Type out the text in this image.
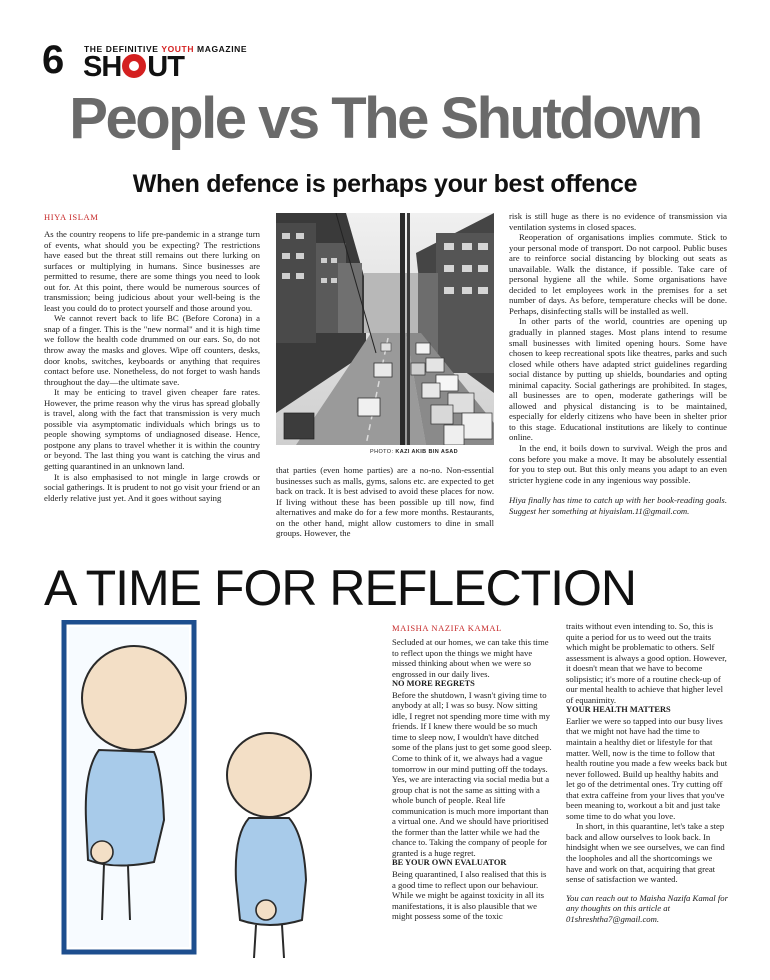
6 THE DEFINITIVE YOUTH MAGAZINE
SH UT
People vs The Shutdown
When defence is perhaps your best offence
HIYA ISLAM

As the country reopens to life pre-pandemic in a strange turn of events, what should you be expecting? The restrictions have eased but the threat still remains out there lurking on surfaces or multiplying in humans. Since businesses are permitted to resume, there are some things you need to look out for. At this point, there would be numerous sources of transmission; being judicious about your well-being is the least you could do to protect yourself and those around you.

We cannot revert back to life BC (Before Corona) in a snap of a finger. This is the "new normal" and it is high time we follow the health code drummed on our ears. So, do not throw away the masks and gloves. Wipe off counters, desks, door knobs, switches, keyboards or anything that requires contact before use. Nonetheless, do not forget to wash hands throughout the day—the ultimate save.

It may be enticing to travel given cheaper fare rates. However, the prime reason why the virus has spread globally is travel, along with the fact that transmission is very much possible via asymptomatic individuals which brings us to people showing symptoms of undiagnosed disease. Hence, postpone any plans to travel whether it is within the country or beyond. The last thing you want is catching the virus and getting quarantined in an unknown land.

It is also emphasised to not mingle in large crowds or social gatherings. It is prudent to not go visit your friend or an elderly relative just yet. And it goes without saying

PHOTO: KAZI AKIB BIN ASAD

that parties (even home parties) are a no-no. Non-essential businesses such as malls, gyms, salons etc. are expected to get back on track. It is best advised to avoid these places for now. If living without these has been possible up till now, find alternatives and make do for a few more months. Restaurants, on the other hand, might allow customers to dine in small groups. However, the

risk is still huge as there is no evidence of transmission via ventilation systems in closed spaces.

Reoperation of organisations implies commute. Stick to your personal mode of transport. Do not carpool. Public buses are to reinforce social distancing by blocking out seats as unavailable. Walk the distance, if possible. Take care of personal hygiene all the while. Some organisations have decided to let employees work in the premises for a set number of days. As before, temperature checks will be done. Perhaps, disinfecting stalls will be installed as well.

In other parts of the world, countries are opening up gradually in planned stages. Most plans intend to resume small businesses with limited opening hours. Some have chosen to keep recreational spots like theatres, parks and such closed while others have adapted strict guidelines regarding social distance by putting up shields, boundaries and opting minimal capacity. Social gatherings are prohibited. In stages, all businesses are to open, moderate gatherings will be allowed and physical distancing is to be maintained, especially for elderly citizens who have been in shelter prior to this stage. Educational institutions are likely to continue online.

In the end, it boils down to survival. Weigh the pros and cons before you make a move. It may be absolutely essential for you to step out. But this only means you adapt to an even stricter hygiene code in any ingenious way possible.

Hiya finally has time to catch up with her book-reading goals. Suggest her something at hiyaislam.11@gmail.com.

A TIME FOR REFLECTION
MAISHA NAZIFA KAMAL

Secluded at our homes, we can take this time to reflect upon the things we might have missed thinking about when we were so engrossed in our daily lives.

NO MORE REGRETS

Before the shutdown, I wasn't giving time to anybody at all; I was so busy. Now sitting idle, I regret not spending more time with my friends. If I knew there would be so much time to sleep now, I wouldn't have ditched some of the plans just to get some good sleep. Come to think of it, we always had a vague tomorrow in our mind putting off the todays. Yes, we are interacting via social media but a group chat is not the same as sitting with a whole bunch of people. Real life communication is much more important than a virtual one. And we should have prioritised the former than the latter while we had the chance to. Taking the company of people for granted is a huge regret.

BE YOUR OWN EVALUATOR

Being quarantined, I also realised that this is a good time to reflect upon our behaviour. While we might be against toxicity in all its manifestations, it is also plausible that we might possess some of the toxic

traits without even intending to. So, this is quite a period for us to weed out the traits which might be problematic to others. Self assessment is always a good option. However, it doesn't mean that we have to become solipsistic; it's more of a routine check-up of our mental health to achieve that higher level of equanimity.

YOUR HEALTH MATTERS

Earlier we were so tapped into our busy lives that we might not have had the time to maintain a healthy diet or lifestyle for that matter. Well, now is the time to follow that health routine you made a few weeks back but never followed. Build up healthy habits and let go of the detrimental ones. Try cutting off that extra caffeine from your lives that you've been meaning to, workout a bit and just take some time to do what you love.

In short, in this quarantine, let's take a step back and allow ourselves to look back. In hindsight when we see ourselves, we can find the loopholes and all the shortcomings we have and work on that, acquiring that great sense of satisfaction we wanted.

You can reach out to Maisha Nazifa Kamal for any thoughts on this article at 01shreshtha7@gmail.com.
